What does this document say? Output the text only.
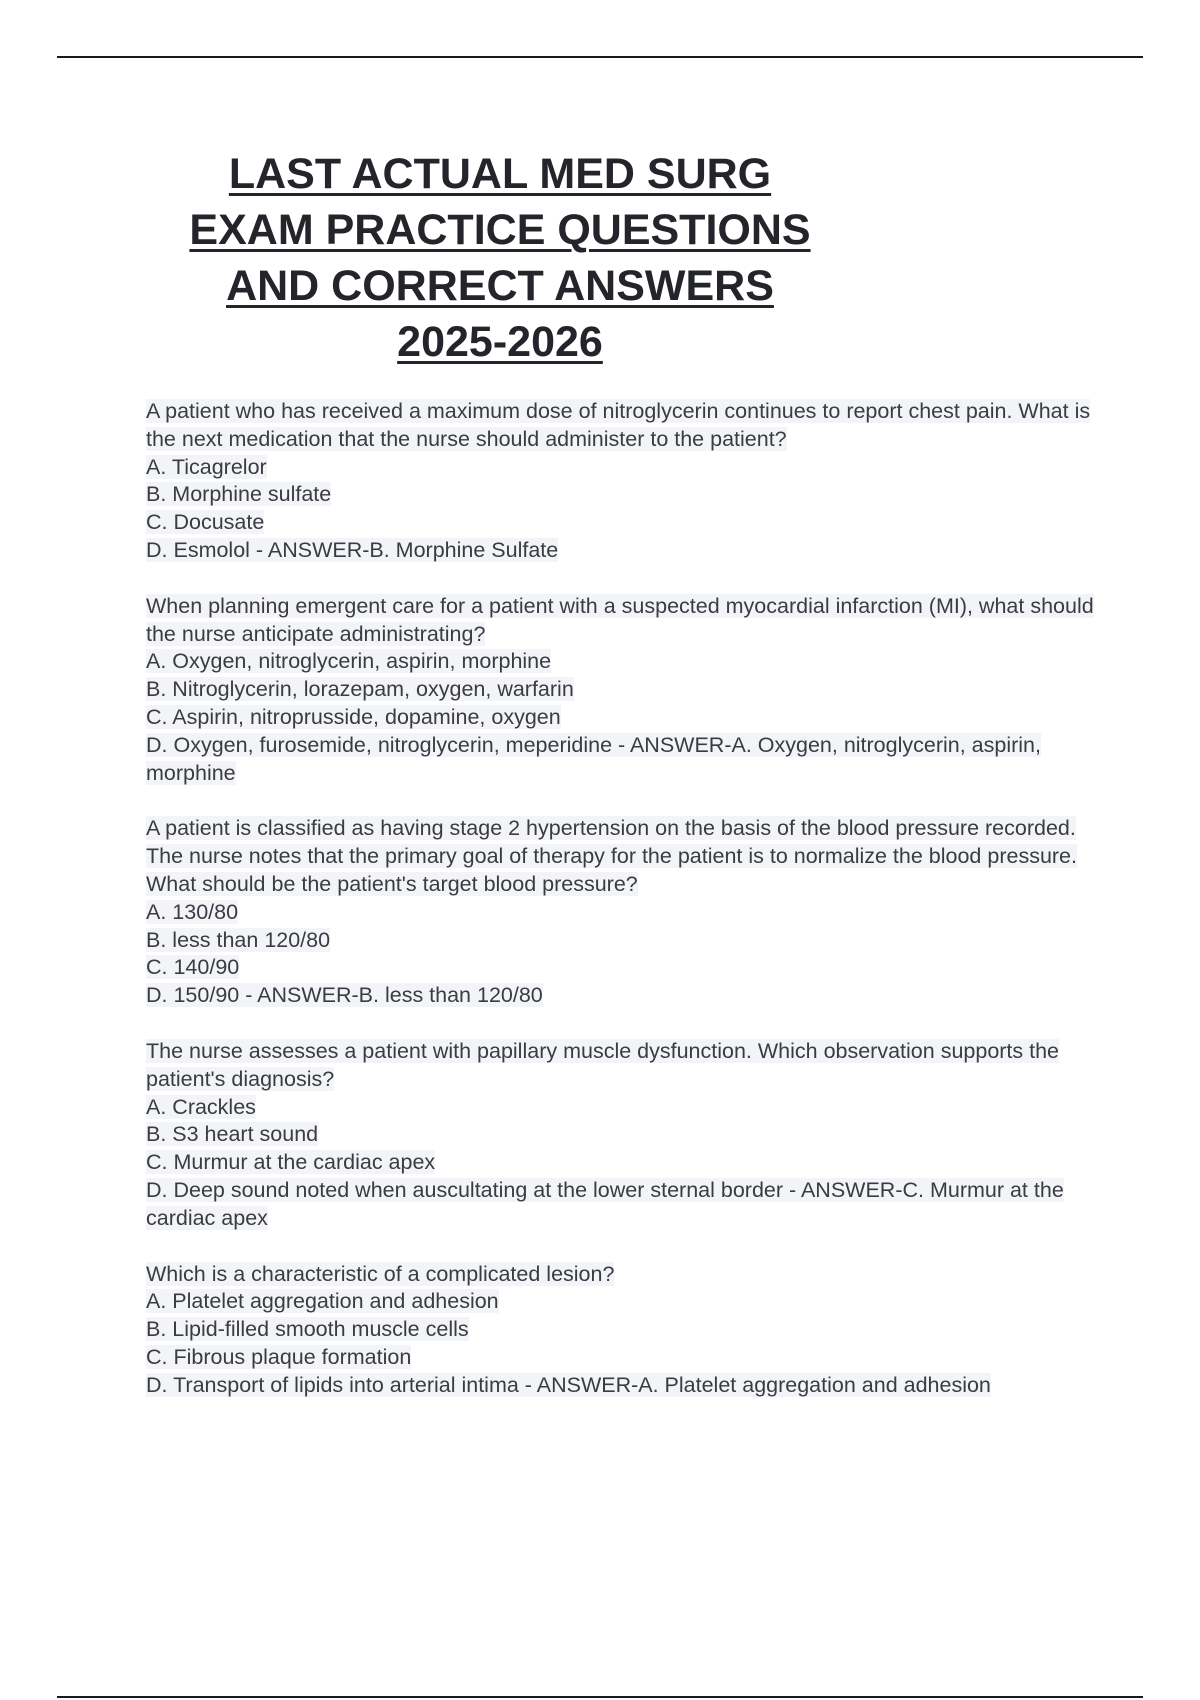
LAST ACTUAL MED SURG
EXAM PRACTICE QUESTIONS
AND CORRECT ANSWERS
2025-2026
A patient who has received a maximum dose of nitroglycerin continues to report chest pain. What is the next medication that the nurse should administer to the patient?
A. Ticagrelor
B. Morphine sulfate
C. Docusate
D. Esmolol - ANSWER-B. Morphine Sulfate
When planning emergent care for a patient with a suspected myocardial infarction (MI), what should the nurse anticipate administrating?
A. Oxygen, nitroglycerin, aspirin, morphine
B. Nitroglycerin, lorazepam, oxygen, warfarin
C. Aspirin, nitroprusside, dopamine, oxygen
D. Oxygen, furosemide, nitroglycerin, meperidine - ANSWER-A. Oxygen, nitroglycerin, aspirin, morphine
A patient is classified as having stage 2 hypertension on the basis of the blood pressure recorded. The nurse notes that the primary goal of therapy for the patient is to normalize the blood pressure. What should be the patient's target blood pressure?
A. 130/80
B. less than 120/80
C. 140/90
D. 150/90 - ANSWER-B. less than 120/80
The nurse assesses a patient with papillary muscle dysfunction. Which observation supports the patient's diagnosis?
A. Crackles
B. S3 heart sound
C. Murmur at the cardiac apex
D. Deep sound noted when auscultating at the lower sternal border - ANSWER-C. Murmur at the cardiac apex
Which is a characteristic of a complicated lesion?
A. Platelet aggregation and adhesion
B. Lipid-filled smooth muscle cells
C. Fibrous plaque formation
D. Transport of lipids into arterial intima - ANSWER-A. Platelet aggregation and adhesion
